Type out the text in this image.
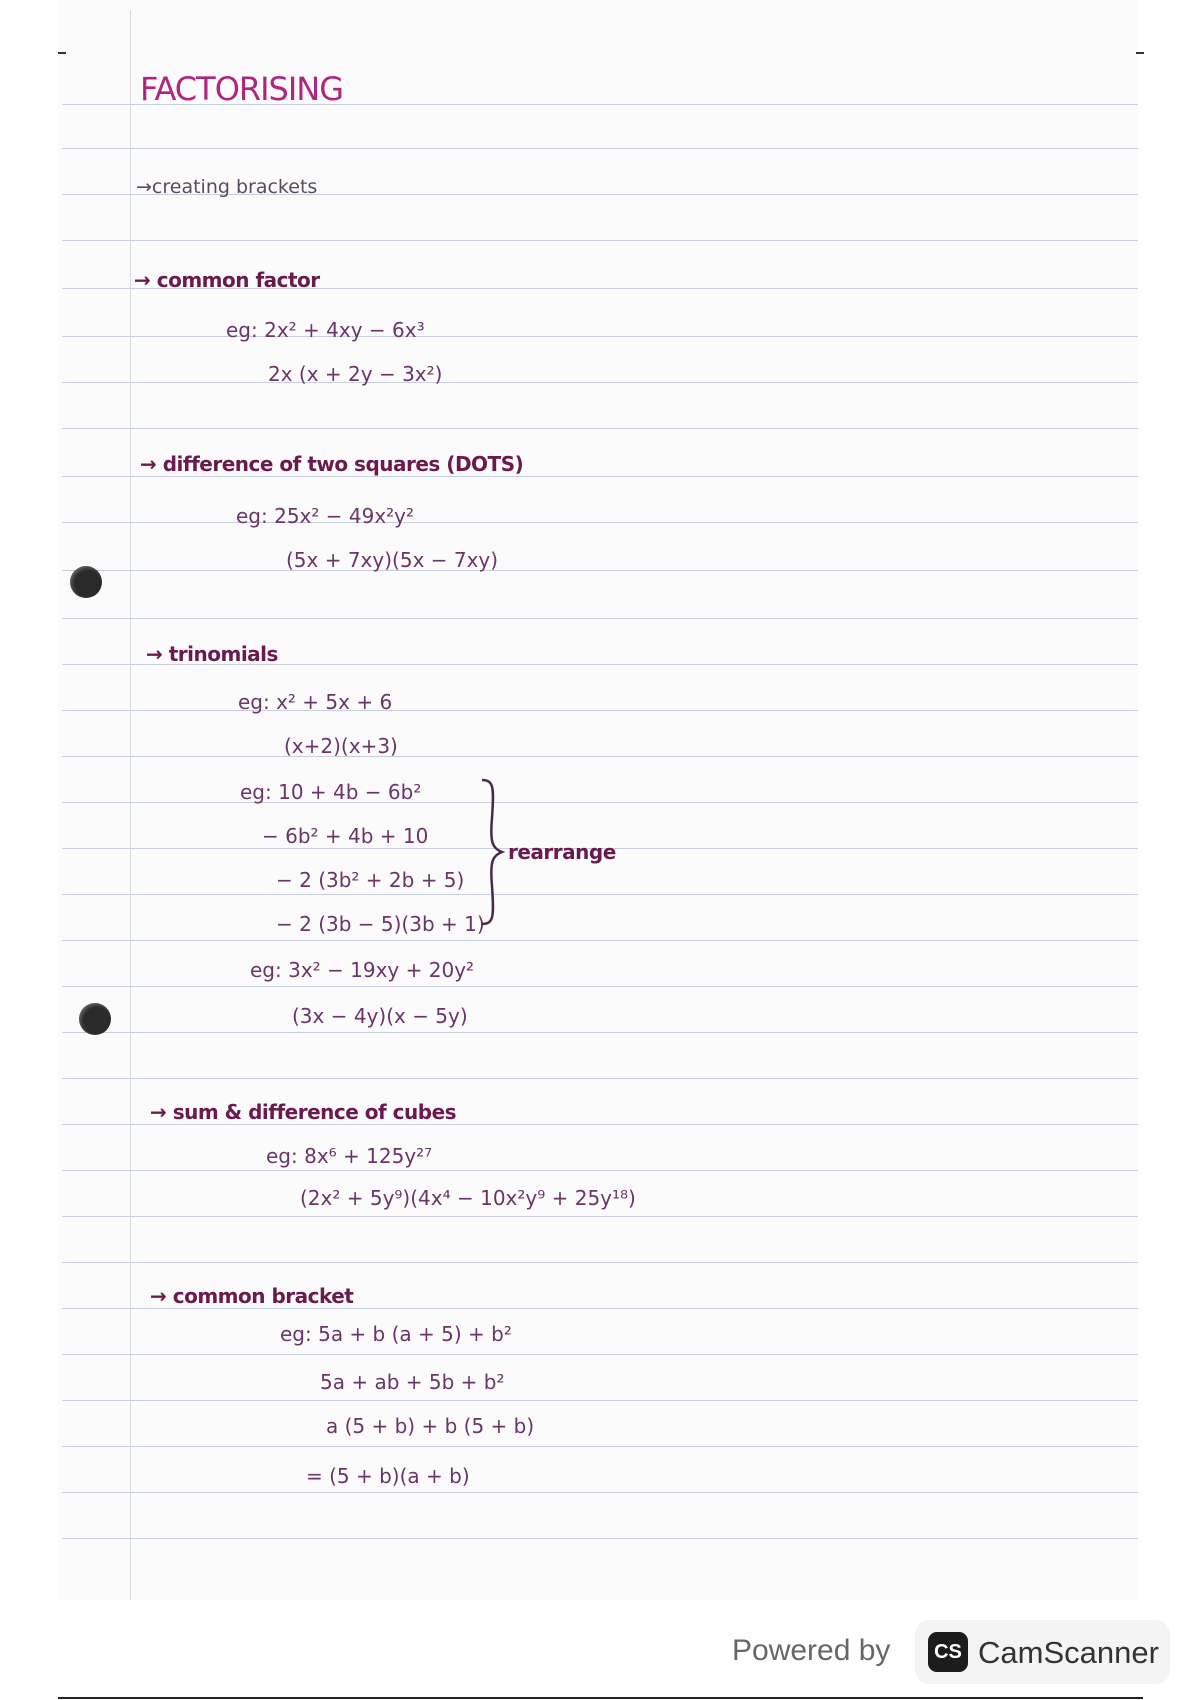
FACTORISING
→creating brackets
→ common factor
eg: 2x² + 4xy − 6x³
2x (x + 2y − 3x²)
→ difference of two squares (DOTS)
eg: 25x² − 49x²y²
(5x + 7xy)(5x − 7xy)
→ trinomials
eg: x² + 5x + 6
(x+2)(x+3)
eg: 10 + 4b − 6b²
− 6b² + 4b + 10
− 2 (3b² + 2b + 5)
− 2 (3b − 5)(3b + 1)
rearrange
eg: 3x² − 19xy + 20y²
(3x − 4y)(x − 5y)
→ sum & difference of cubes
eg: 8x⁶ + 125y²⁷
(2x² + 5y⁹)(4x⁴ − 10x²y⁹ + 25y¹⁸)
→ common bracket
eg: 5a + b (a + 5) + b²
5a + ab + 5b + b²
a (5 + b) + b (5 + b)
= (5 + b)(a + b)
Powered by	CS CamScanner
